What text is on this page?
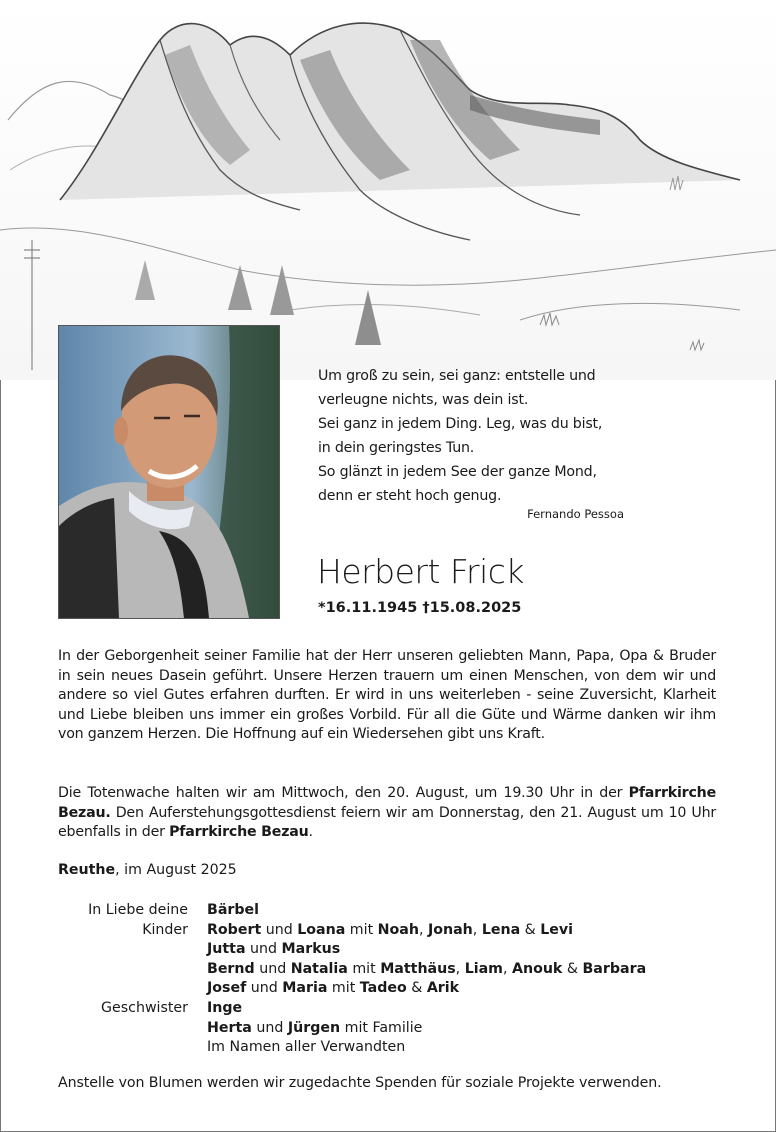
Um groß zu sein, sei ganz: entstelle und
verleugne nichts, was dein ist.
Sei ganz in jedem Ding. Leg, was du bist,
in dein geringstes Tun.
So glänzt in jedem See der ganze Mond,
denn er steht hoch genug.
Fernando Pessoa
Herbert Frick
*16.11.1945 †15.08.2025
In der Geborgenheit seiner Familie hat der Herr unseren geliebten Mann, Papa, Opa & Bruder in sein neues Dasein geführt. Unsere Herzen trauern um einen Menschen, von dem wir und andere so viel Gutes erfahren durften. Er wird in uns weiterleben - seine Zuversicht, Klarheit und Liebe bleiben uns immer ein großes Vorbild. Für all die Güte und Wärme danken wir ihm von ganzem Herzen. Die Hoffnung auf ein Wiedersehen gibt uns Kraft.
Die Totenwache halten wir am Mittwoch, den 20. August, um 19.30 Uhr in der Pfarrkirche Bezau. Den Auferstehungsgottesdienst feiern wir am Donnerstag, den 21. August um 10 Uhr ebenfalls in der Pfarrkirche Bezau.
Reuthe, im August 2025
In Liebe deine	Bärbel
Kinder	Robert und Loana mit Noah, Jonah, Lena & Levi
Jutta und Markus
Bernd und Natalia mit Matthäus, Liam, Anouk & Barbara
Josef und Maria mit Tadeo & Arik
Geschwister	Inge
Herta und Jürgen mit Familie
Im Namen aller Verwandten
Anstelle von Blumen werden wir zugedachte Spenden für soziale Projekte verwenden.
